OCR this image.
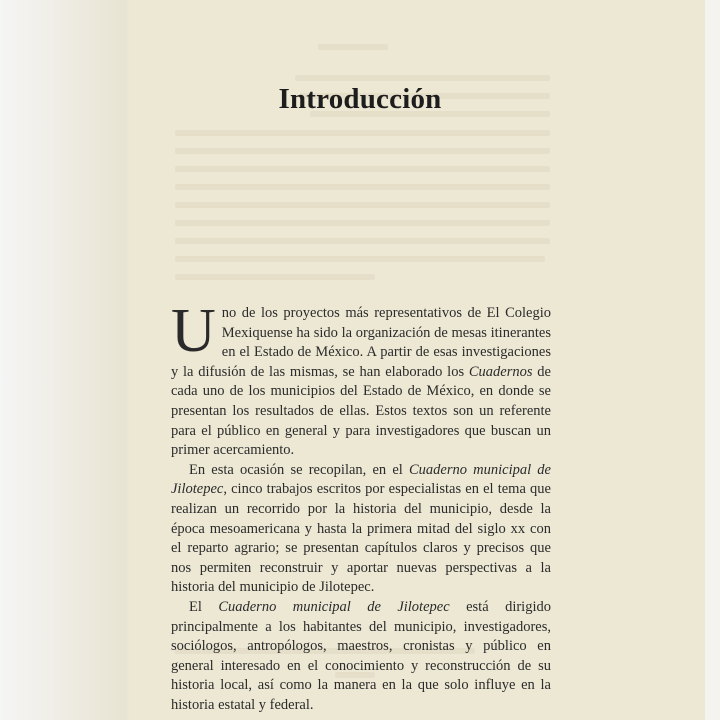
Introducción

Uno de los proyectos más representativos de El Colegio Mexiquense ha sido la organización de mesas itinerantes en el Estado de México. A partir de esas investigaciones y la difusión de las mismas, se han elaborado los Cuadernos de cada uno de los municipios del Estado de México, en donde se presentan los resultados de ellas. Estos textos son un referente para el público en general y para investigadores que buscan un primer acercamiento.

En esta ocasión se recopilan, en el Cuaderno municipal de Jilotepec, cinco trabajos escritos por especialistas en el tema que realizan un recorrido por la historia del municipio, desde la época mesoamericana y hasta la primera mitad del siglo xx con el reparto agrario; se presentan capítulos claros y precisos que nos permiten reconstruir y aportar nuevas perspectivas a la historia del municipio de Jilotepec.

El Cuaderno municipal de Jilotepec está dirigido principalmente a los habitantes del municipio, investigadores, sociólogos, antropólogos, maestros, cronistas y público en general interesado en el conocimiento y reconstrucción de su historia local, así como la manera en la que solo influye en la historia estatal y federal.
